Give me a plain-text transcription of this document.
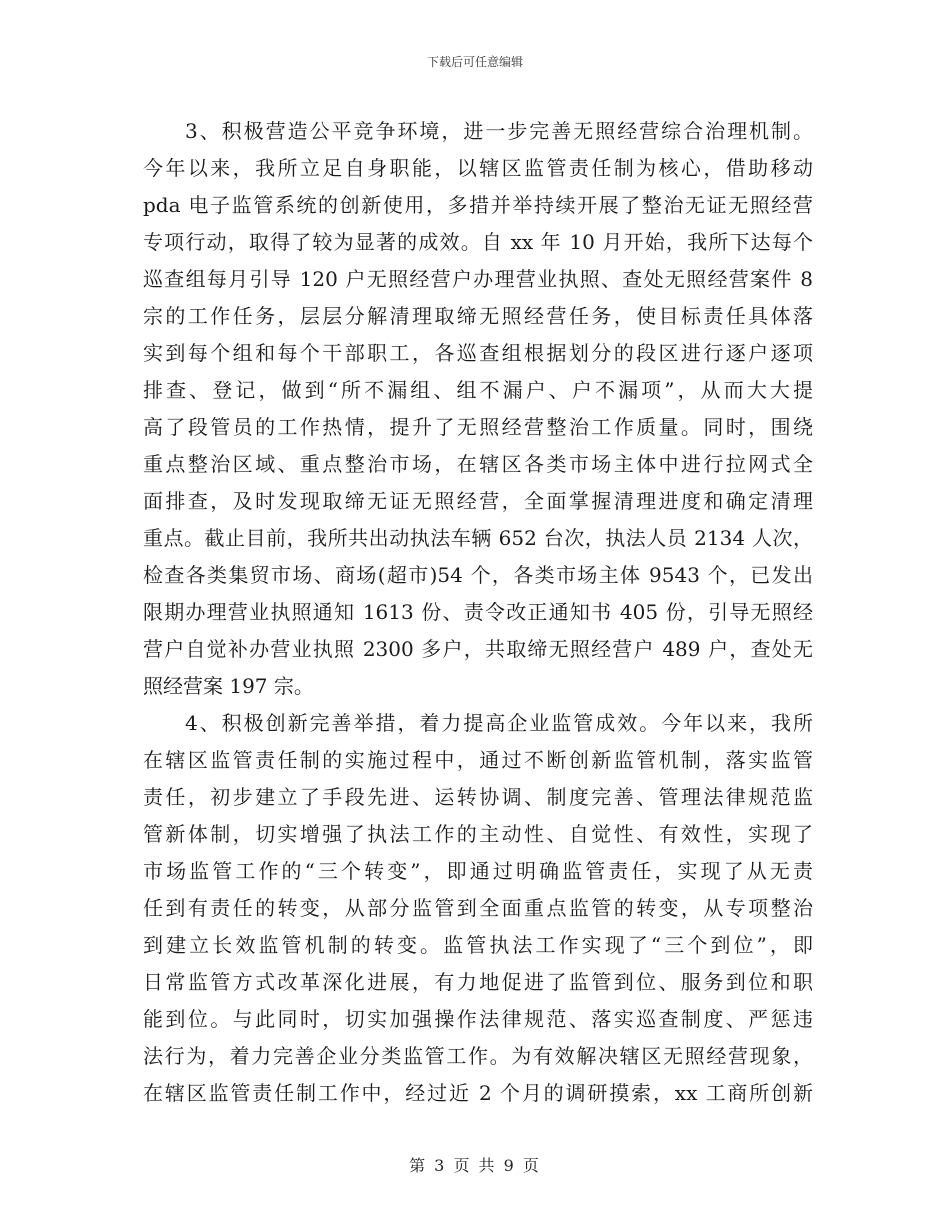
下载后可任意编辑
3、积极营造公平竞争环境，进一步完善无照经营综合治理机制。
今年以来，我所立足自身职能，以辖区监管责任制为核心，借助移动
pda 电子监管系统的创新使用，多措并举持续开展了整治无证无照经营
专项行动，取得了较为显著的成效。自 xx 年 10 月开始，我所下达每个
巡查组每月引导 120 户无照经营户办理营业执照、查处无照经营案件 8
宗的工作任务，层层分解清理取缔无照经营任务，使目标责任具体落
实到每个组和每个干部职工，各巡查组根据划分的段区进行逐户逐项
排查、登记，做到“所不漏组、组不漏户、户不漏项”，从而大大提
高了段管员的工作热情，提升了无照经营整治工作质量。同时，围绕
重点整治区域、重点整治市场，在辖区各类市场主体中进行拉网式全
面排查，及时发现取缔无证无照经营，全面掌握清理进度和确定清理
重点。截止目前，我所共出动执法车辆 652 台次，执法人员 2134 人次，
检查各类集贸市场、商场(超市)54 个，各类市场主体 9543 个，已发出
限期办理营业执照通知 1613 份、责令改正通知书 405 份，引导无照经
营户自觉补办营业执照 2300 多户，共取缔无照经营户 489 户，查处无
照经营案 197 宗。
4、积极创新完善举措，着力提高企业监管成效。今年以来，我所
在辖区监管责任制的实施过程中，通过不断创新监管机制，落实监管
责任，初步建立了手段先进、运转协调、制度完善、管理法律规范监
管新体制，切实增强了执法工作的主动性、自觉性、有效性，实现了
市场监管工作的“三个转变”，即通过明确监管责任，实现了从无责
任到有责任的转变，从部分监管到全面重点监管的转变，从专项整治
到建立长效监管机制的转变。监管执法工作实现了“三个到位”，即
日常监管方式改革深化进展，有力地促进了监管到位、服务到位和职
能到位。与此同时，切实加强操作法律规范、落实巡查制度、严惩违
法行为，着力完善企业分类监管工作。为有效解决辖区无照经营现象，
在辖区监管责任制工作中，经过近 2 个月的调研摸索，xx 工商所创新
第 3 页 共 9 页
